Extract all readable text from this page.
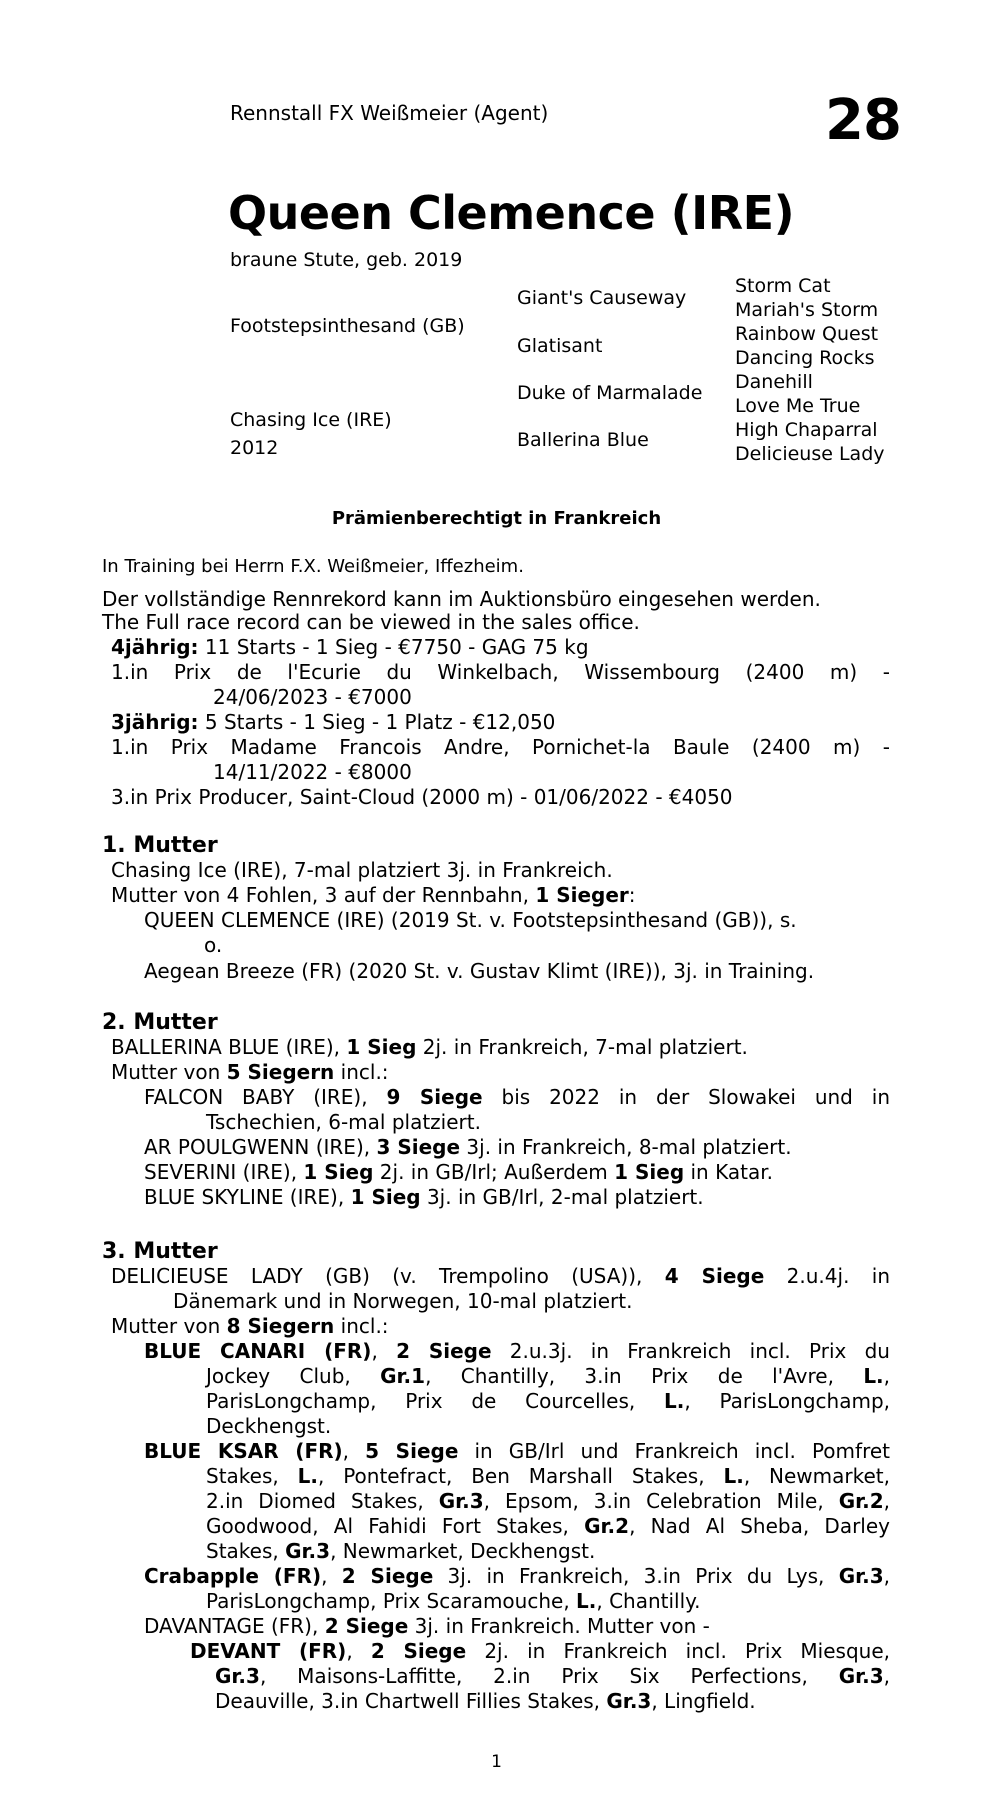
Rennstall FX Weißmeier (Agent)	28
Queen Clemence (IRE)
braune Stute, geb. 2019
Footstepsinthesand (GB)
Chasing Ice (IRE)
2012
Giant's Causeway
Glatisant
Duke of Marmalade
Ballerina Blue
Storm Cat
Mariah's Storm
Rainbow Quest
Dancing Rocks
Danehill
Love Me True
High Chaparral
Delicieuse Lady
Prämienberechtigt in Frankreich
In Training bei Herrn F.X. Weißmeier, Iffezheim.
Der vollständige Rennrekord kann im Auktionsbüro eingesehen werden.
The Full race record can be viewed in the sales office.
4jährig: 11 Starts - 1 Sieg - €7750 - GAG 75 kg
1.in Prix de l'Ecurie du Winkelbach, Wissembourg (2400 m) -
24/06/2023 - €7000
3jährig: 5 Starts - 1 Sieg - 1 Platz - €12,050
1.in Prix Madame Francois Andre, Pornichet-la Baule (2400 m) -
14/11/2022 - €8000
3.in Prix Producer, Saint-Cloud (2000 m) - 01/06/2022 - €4050
1. Mutter
Chasing Ice (IRE), 7-mal platziert 3j. in Frankreich.
Mutter von 4 Fohlen, 3 auf der Rennbahn, 1 Sieger:
QUEEN CLEMENCE (IRE) (2019 St. v. Footstepsinthesand (GB)), s.
o.
Aegean Breeze (FR) (2020 St. v. Gustav Klimt (IRE)), 3j. in Training.
2. Mutter
BALLERINA BLUE (IRE), 1 Sieg 2j. in Frankreich, 7-mal platziert.
Mutter von 5 Siegern incl.:
FALCON BABY (IRE), 9 Siege bis 2022 in der Slowakei und in
Tschechien, 6-mal platziert.
AR POULGWENN (IRE), 3 Siege 3j. in Frankreich, 8-mal platziert.
SEVERINI (IRE), 1 Sieg 2j. in GB/Irl; Außerdem 1 Sieg in Katar.
BLUE SKYLINE (IRE), 1 Sieg 3j. in GB/Irl, 2-mal platziert.
3. Mutter
DELICIEUSE LADY (GB) (v. Trempolino (USA)), 4 Siege 2.u.4j. in
Dänemark und in Norwegen, 10-mal platziert.
Mutter von 8 Siegern incl.:
BLUE CANARI (FR), 2 Siege 2.u.3j. in Frankreich incl. Prix du
Jockey Club, Gr.1, Chantilly, 3.in Prix de l'Avre, L.,
ParisLongchamp, Prix de Courcelles, L., ParisLongchamp,
Deckhengst.
BLUE KSAR (FR), 5 Siege in GB/Irl und Frankreich incl. Pomfret
Stakes, L., Pontefract, Ben Marshall Stakes, L., Newmarket,
2.in Diomed Stakes, Gr.3, Epsom, 3.in Celebration Mile, Gr.2,
Goodwood, Al Fahidi Fort Stakes, Gr.2, Nad Al Sheba, Darley
Stakes, Gr.3, Newmarket, Deckhengst.
Crabapple (FR), 2 Siege 3j. in Frankreich, 3.in Prix du Lys, Gr.3,
ParisLongchamp, Prix Scaramouche, L., Chantilly.
DAVANTAGE (FR), 2 Siege 3j. in Frankreich. Mutter von -
DEVANT (FR), 2 Siege 2j. in Frankreich incl. Prix Miesque,
Gr.3, Maisons-Laffitte, 2.in Prix Six Perfections, Gr.3,
Deauville, 3.in Chartwell Fillies Stakes, Gr.3, Lingfield.
1
